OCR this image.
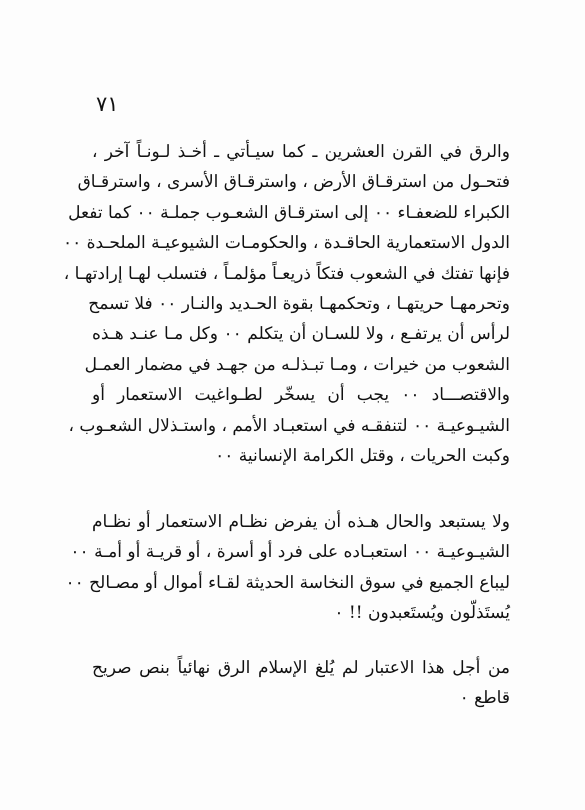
٧١
والرق في القرن العشرين ـ كما سيـأتي ـ أخـذ لـونـاً آخر ،
فتحـول من استرقـاق الأرض ، واسترقـاق الأسرى ، واسترقـاق
الكبراء للضعفـاء ٠٠ إلى استرقـاق الشعـوب جملـة ٠٠ كما تفعل
الدول الاستعمارية الحاقـدة ، والحكومـات الشيوعيـة الملحـدة ٠٠
فإنها تفتك في الشعوب فتكاً ذريعـاً مؤلمـاً ، فتسلب لهـا إرادتهـا ،
وتحرمهـا حريتهـا ، وتحكمهـا بقوة الحـديد والنـار ٠٠ فلا تسمح
لرأس أن يرتفـع ، ولا للسـان أن يتكلم ٠٠ وكل مـا عنـد هـذه
الشعوب من خيرات ، ومـا تبـذلـه من جهـد في مضمار العمـل
والاقتصـــاد ٠٠ يجب أن يسخّر لطـواغيت الاستعمار أو
الشيـوعيـة ٠٠ لتنفقـه في استعبـاد الأمم ، واستـذلال الشعـوب ،
وكبت الحريات ، وقتل الكرامة الإنسانية ٠٠
ولا يستبعد والحال هـذه أن يفرض نظـام الاستعمار أو نظـام
الشيـوعيـة ٠٠ استعبـاده على فرد أو أسرة ، أو قريـة أو أمـة ٠٠
ليباع الجميع في سوق النخاسة الحديثة لقـاء أموال أو مصـالح ٠٠
يُستَذلّون ويُستَعبدون !! ٠
من أجل هذا الاعتبار لم يُلغ الإسلام الرق نهائياً بنص صريح
قاطع ٠
